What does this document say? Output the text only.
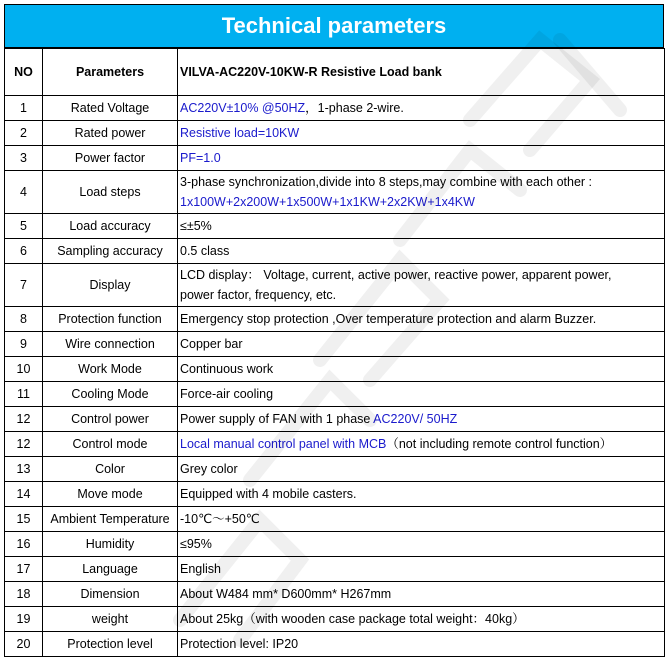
Technical parameters
NO	Parameters	VILVA-AC220V-10KW-R Resistive Load bank
1	Rated Voltage	AC220V±10% @50HZ，1-phase 2-wire.
2	Rated power	Resistive load=10KW
3	Power factor	PF=1.0
4	Load steps	3-phase synchronization,divide into 8 steps,may combine with each other :
1x100W+2x200W+1x500W+1x1KW+2x2KW+1x4KW
5	Load accuracy	≤±5%
6	Sampling accuracy	0.5 class
7	Display	LCD display： Voltage, current, active power, reactive power, apparent power,
power factor, frequency, etc.
8	Protection function	Emergency stop protection ,Over temperature protection and alarm Buzzer.
9	Wire connection	Copper bar
10	Work Mode	Continuous work
11	Cooling Mode	Force-air cooling
12	Control power	Power supply of FAN with 1 phase AC220V/ 50HZ
12	Control mode	Local manual control panel with MCB（not including remote control function）
13	Color	Grey color
14	Move mode	Equipped with 4 mobile casters.
15	Ambient Temperature	-10℃～+50℃
16	Humidity	≤95%
17	Language	English
18	Dimension	About W484 mm* D600mm* H267mm
19	weight	About 25kg（with wooden case package total weight：40kg）
20	Protection level	Protection level: IP20
